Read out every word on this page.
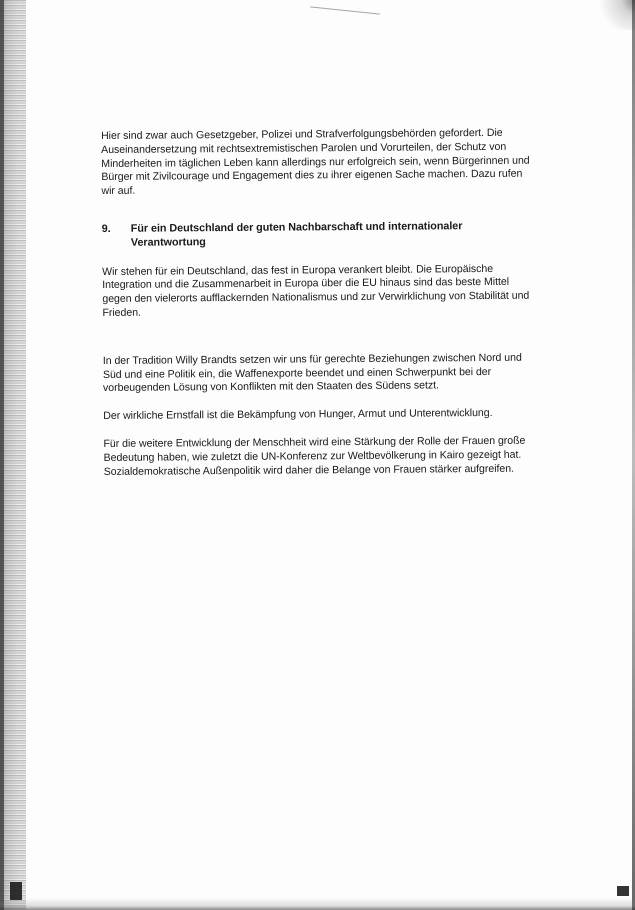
Hier sind zwar auch Gesetzgeber, Polizei und Strafverfolgungsbehörden gefordert. Die Auseinandersetzung mit rechtsextremistischen Parolen und Vorurteilen, der Schutz von Minderheiten im täglichen Leben kann allerdings nur erfolgreich sein, wenn Bürgerinnen und Bürger mit Zivilcourage und Engagement dies zu ihrer eigenen Sache machen. Dazu rufen wir auf.

9.	Für ein Deutschland der guten Nachbarschaft und internationaler Verantwortung

Wir stehen für ein Deutschland, das fest in Europa verankert bleibt. Die Europäische Integration und die Zusammenarbeit in Europa über die EU hinaus sind das beste Mittel gegen den vielerorts aufflackernden Nationalismus und zur Verwirklichung von Stabilität und Frieden.

In der Tradition Willy Brandts setzen wir uns für gerechte Beziehungen zwischen Nord und Süd und eine Politik ein, die Waffenexporte beendet und einen Schwerpunkt bei der vorbeugenden Lösung von Konflikten mit den Staaten des Südens setzt.

Der wirkliche Ernstfall ist die Bekämpfung von Hunger, Armut und Unterentwicklung.

Für die weitere Entwicklung der Menschheit wird eine Stärkung der Rolle der Frauen große Bedeutung haben, wie zuletzt die UN-Konferenz zur Weltbevölkerung in Kairo gezeigt hat. Sozialdemokratische Außenpolitik wird daher die Belange von Frauen stärker aufgreifen.
